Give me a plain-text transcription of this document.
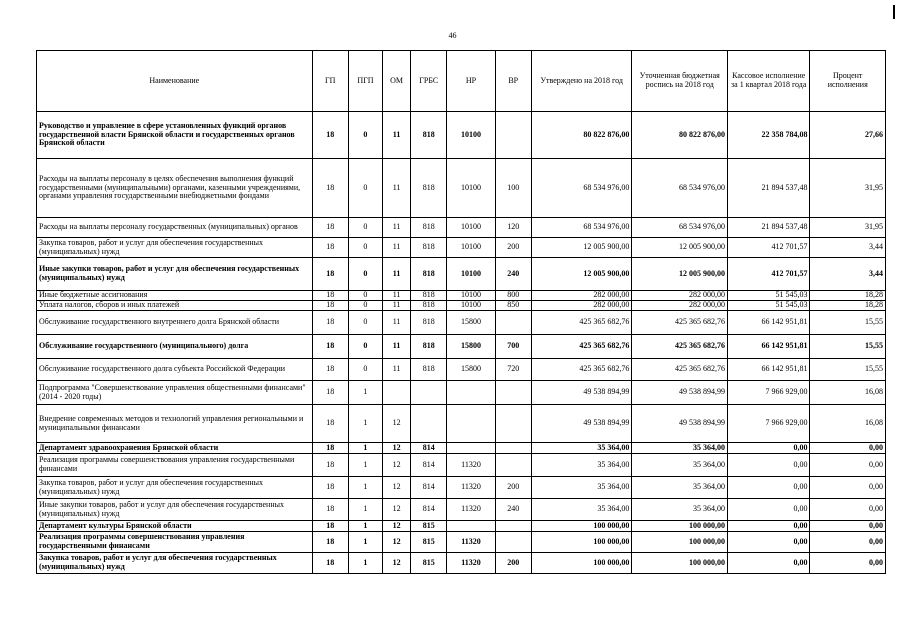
46
Наименование	ГП	ПГП	ОМ	ГРБС	НР	ВР	Утверждено на 2018 год	Уточненная бюджетная роспись на 2018 год	Кассовое исполнение за 1 квартал 2018 года	Процент исполнения
Руководство и управление в сфере установленных функций органов государственной власти Брянской области и государственных органов Брянской области	18	0	11	818	10100		80 822 876,00	80 822 876,00	22 358 784,08	27,66
Расходы на выплаты персоналу в целях обеспечения выполнения функций государственными (муниципальными) органами, казенными учреждениями, органами управления государственными внебюджетными фондами	18	0	11	818	10100	100	68 534 976,00	68 534 976,00	21 894 537,48	31,95
Расходы на выплаты персоналу государственных (муниципальных) органов	18	0	11	818	10100	120	68 534 976,00	68 534 976,00	21 894 537,48	31,95
Закупка товаров, работ и услуг для обеспечения государственных (муниципальных) нужд	18	0	11	818	10100	200	12 005 900,00	12 005 900,00	412 701,57	3,44
Иные закупки товаров, работ и услуг для обеспечения государственных (муниципальных) нужд	18	0	11	818	10100	240	12 005 900,00	12 005 900,00	412 701,57	3,44
Иные бюджетные ассигнования	18	0	11	818	10100	800	282 000,00	282 000,00	51 545,03	18,28
Уплата налогов, сборов и иных платежей	18	0	11	818	10100	850	282 000,00	282 000,00	51 545,03	18,28
Обслуживание государственного внутреннего долга Брянской области	18	0	11	818	15800		425 365 682,76	425 365 682,76	66 142 951,81	15,55
Обслуживание государственного (муниципального) долга	18	0	11	818	15800	700	425 365 682,76	425 365 682,76	66 142 951,81	15,55
Обслуживание государственного долга субъекта Российской Федерации	18	0	11	818	15800	720	425 365 682,76	425 365 682,76	66 142 951,81	15,55
Подпрограмма "Совершенствование управления общественными финансами" (2014 - 2020 годы)	18	1					49 538 894,99	49 538 894,99	7 966 929,00	16,08
Внедрение современных методов и технологий управления региональными и муниципальными финансами	18	1	12				49 538 894,99	49 538 894,99	7 966 929,00	16,08
Департамент здравоохранения Брянской области	18	1	12	814			35 364,00	35 364,00	0,00	0,00
Реализация программы совершенствования управления государственными финансами	18	1	12	814	11320		35 364,00	35 364,00	0,00	0,00
Закупка товаров, работ и услуг для обеспечения государственных (муниципальных) нужд	18	1	12	814	11320	200	35 364,00	35 364,00	0,00	0,00
Иные закупки товаров, работ и услуг для обеспечения государственных (муниципальных) нужд	18	1	12	814	11320	240	35 364,00	35 364,00	0,00	0,00
Департамент культуры Брянской области	18	1	12	815			100 000,00	100 000,00	0,00	0,00
Реализация программы совершенствования управления государственными финансами	18	1	12	815	11320		100 000,00	100 000,00	0,00	0,00
Закупка товаров, работ и услуг для обеспечения государственных (муниципальных) нужд	18	1	12	815	11320	200	100 000,00	100 000,00	0,00	0,00
